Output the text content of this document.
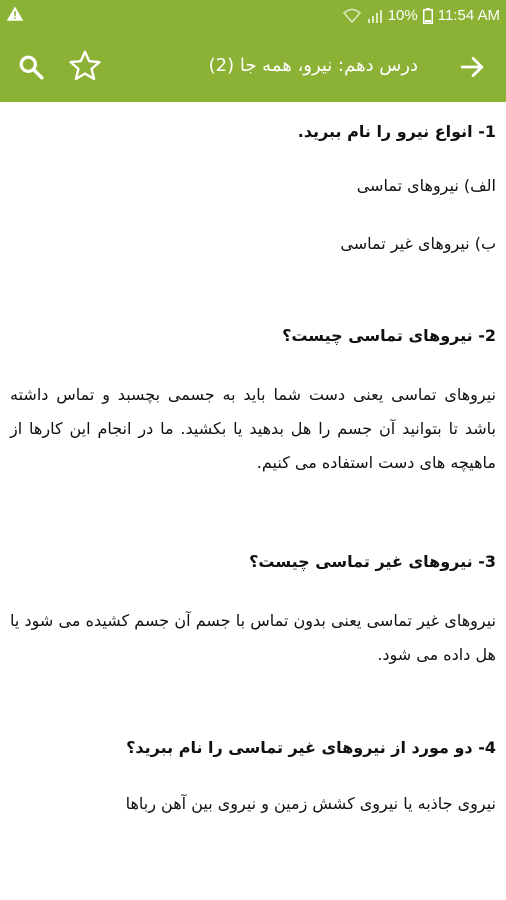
10% 11:54 AM
درس دهم: نیرو، همه جا (2)

1- انواع نیرو را نام ببرید.

الف) نیروهای تماسی

ب) نیروهای غیر تماسی

2- نیروهای تماسی چیست؟

نیروهای تماسی یعنی دست شما باید به جسمی بچسبد و تماس داشته باشد تا بتوانید آن جسم را هل بدهید یا بکشید. ما در انجام این کارها از ماهیچه های دست استفاده می کنیم.

3- نیروهای غیر تماسی چیست؟

نیروهای غیر تماسی یعنی بدون تماس با جسم آن جسم کشیده می شود یا هل داده می شود.

4- دو مورد از نیروهای غیر تماسی را نام ببرید؟

نیروی جاذبه یا نیروی کشش زمین و نیروی بین آهن رباها
